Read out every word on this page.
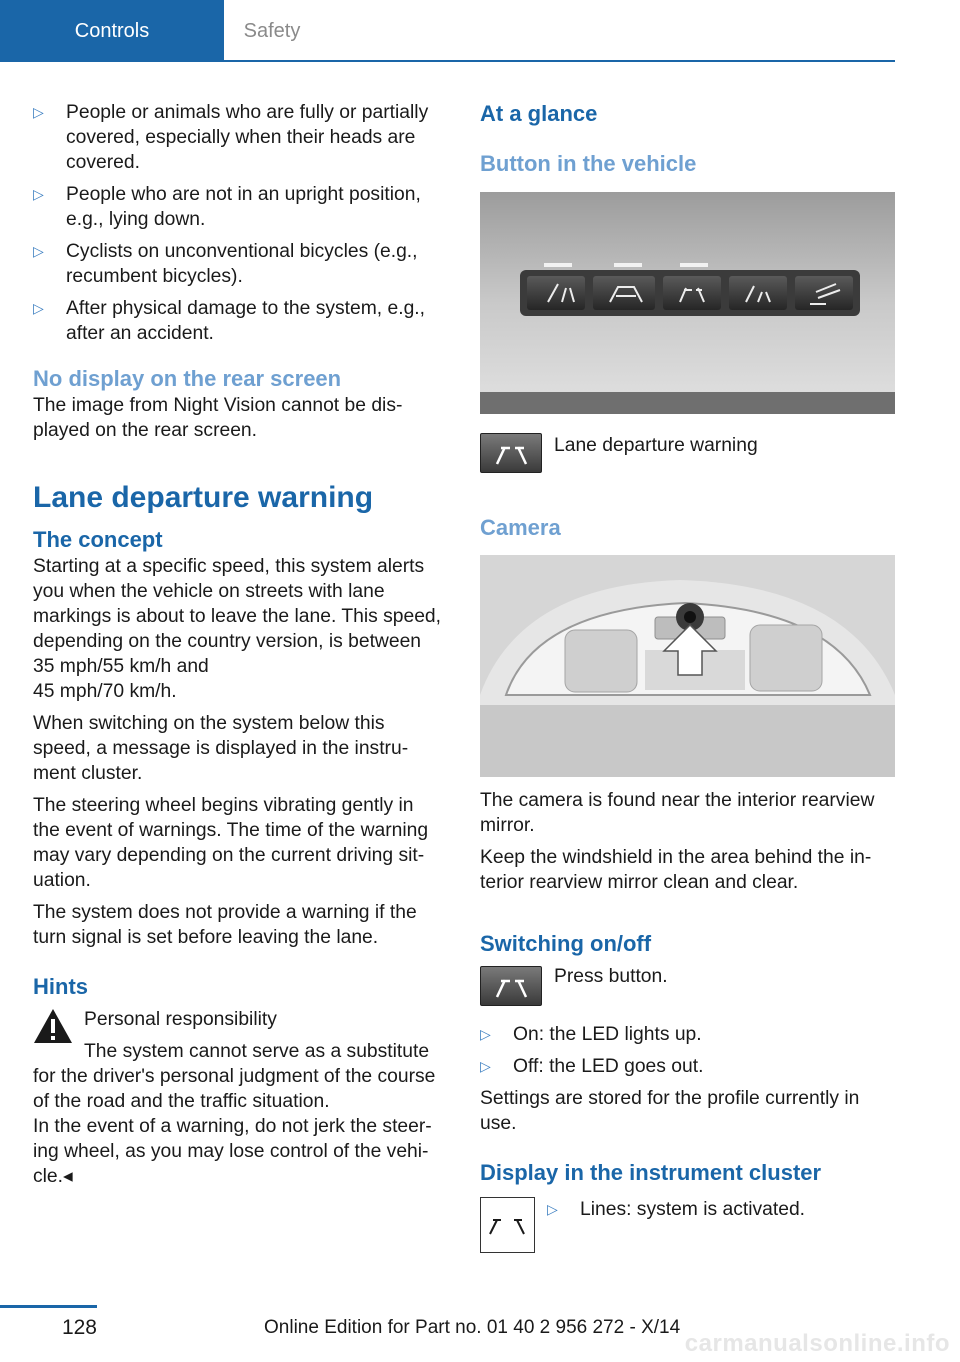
Controls	Safety
▷ People or animals who are fully or partially covered, especially when their heads are covered.
▷ People who are not in an upright position, e.g., lying down.
▷ Cyclists on unconventional bicycles (e.g., recumbent bicycles).
▷ After physical damage to the system, e.g., after an accident.
No display on the rear screen

The image from Night Vision cannot be dis‐played on the rear screen.

Lane departure warning
The concept

Starting at a specific speed, this system alerts you when the vehicle on streets with lane markings is about to leave the lane. This speed, depending on the country version, is between 35 mph/55 km/h and
45 mph/70 km/h.

When switching on the system below this speed, a message is displayed in the instru‐ment cluster.

The steering wheel begins vibrating gently in the event of warnings. The time of the warning may vary depending on the current driving sit‐uation.

The system does not provide a warning if the turn signal is set before leaving the lane.

Hints

Personal responsibility

The system cannot serve as a substitute for the driver's personal judgment of the course of the road and the traffic situation.

In the event of a warning, do not jerk the steer‐ing wheel, as you may lose control of the vehi‐cle.◂

At a glance
Button in the vehicle

Lane departure warning

Camera

The camera is found near the interior rearview mirror.

Keep the windshield in the area behind the in‐terior rearview mirror clean and clear.

Switching on/off

Press button.

▷ On: the LED lights up.
▷ Off: the LED goes out.

Settings are stored for the profile currently in use.

Display in the instrument cluster
▷ Lines: system is activated.
128	Online Edition for Part no. 01 40 2 956 272 - X/14
carmanualsonline.info
